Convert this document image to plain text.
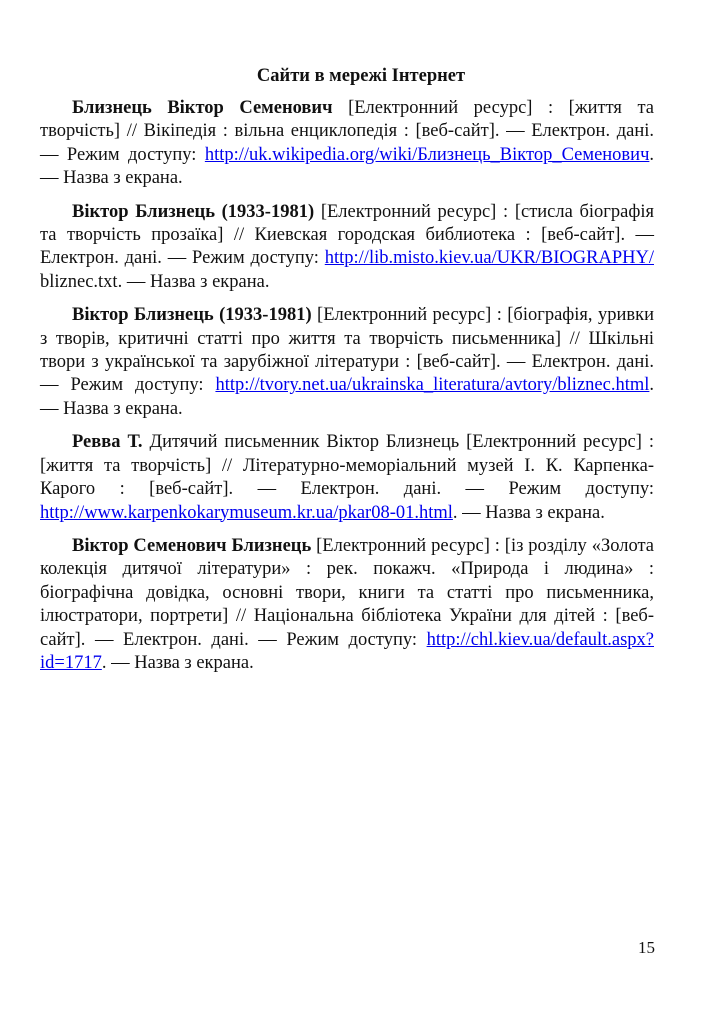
Сайти в мережі Інтернет

Близнець Віктор Семенович [Електронний ресурс] : [життя та творчість] // Вікіпедія : вільна енциклопедія : [веб-сайт]. — Електрон. дані. — Режим доступу: http://uk.wikipedia.org/wiki/Близнець_Віктор_Семенович. — Назва з екрана.

Віктор Близнець (1933-1981) [Електронний ресурс] : [стисла біографія та творчість прозаїка] // Киевская городская библиотека : [веб-сайт]. — Електрон. дані. — Режим доступу: http://lib.misto.kiev.ua/UKR/BIOGRAPHY/ bliznec.txt. — Назва з екрана.

Віктор Близнець (1933-1981) [Електронний ресурс] : [біографія, уривки з творів, критичні статті про життя та творчість письменника] // Шкільні твори з української та зарубіжної літератури : [веб-сайт]. — Електрон. дані. — Режим доступу: http://tvory.net.ua/ukrainska_literatura/avtory/bliznec.html. — Назва з екрана.

Ревва Т. Дитячий письменник Віктор Близнець [Електронний ресурс] : [життя та творчість] // Літературно-меморіальний музей І. К. Карпенка-Карого : [веб-сайт]. — Електрон. дані. — Режим доступу: http://www.karpenkokarymuseum.kr.ua/pkar08-01.html. — Назва з екрана.

Віктор Семенович Близнець [Електронний ресурс] : [із розділу «Золота колекція дитячої літератури» : рек. покажч. «Природа і людина» : біографічна довідка, основні твори, книги та статті про письменника, ілюстратори, портрети] // Національна бібліотека України для дітей : [веб-сайт]. — Електрон. дані. — Режим доступу: http://chl.kiev.ua/default.aspx?id=1717. — Назва з екрана.

15
